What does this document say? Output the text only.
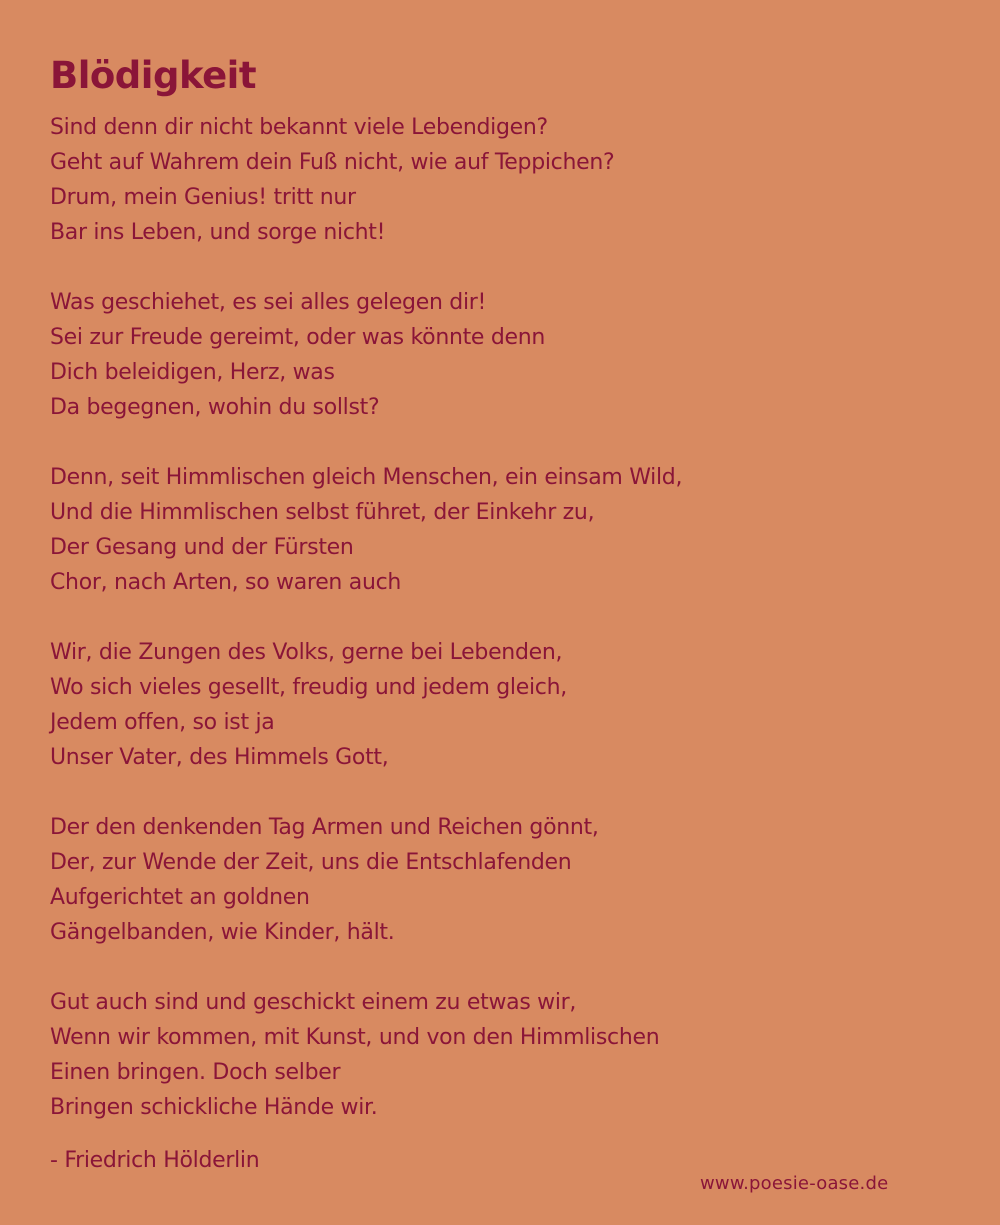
Blödigkeit
Sind denn dir nicht bekannt viele Lebendigen?
Geht auf Wahrem dein Fuß nicht, wie auf Teppichen?
Drum, mein Genius! tritt nur
Bar ins Leben, und sorge nicht!
Was geschiehet, es sei alles gelegen dir!
Sei zur Freude gereimt, oder was könnte denn
Dich beleidigen, Herz, was
Da begegnen, wohin du sollst?
Denn, seit Himmlischen gleich Menschen, ein einsam Wild,
Und die Himmlischen selbst führet, der Einkehr zu,
Der Gesang und der Fürsten
Chor, nach Arten, so waren auch
Wir, die Zungen des Volks, gerne bei Lebenden,
Wo sich vieles gesellt, freudig und jedem gleich,
Jedem offen, so ist ja
Unser Vater, des Himmels Gott,
Der den denkenden Tag Armen und Reichen gönnt,
Der, zur Wende der Zeit, uns die Entschlafenden
Aufgerichtet an goldnen
Gängelbanden, wie Kinder, hält.
Gut auch sind und geschickt einem zu etwas wir,
Wenn wir kommen, mit Kunst, und von den Himmlischen
Einen bringen. Doch selber
Bringen schickliche Hände wir.
- Friedrich Hölderlin
www.poesie-oase.de
